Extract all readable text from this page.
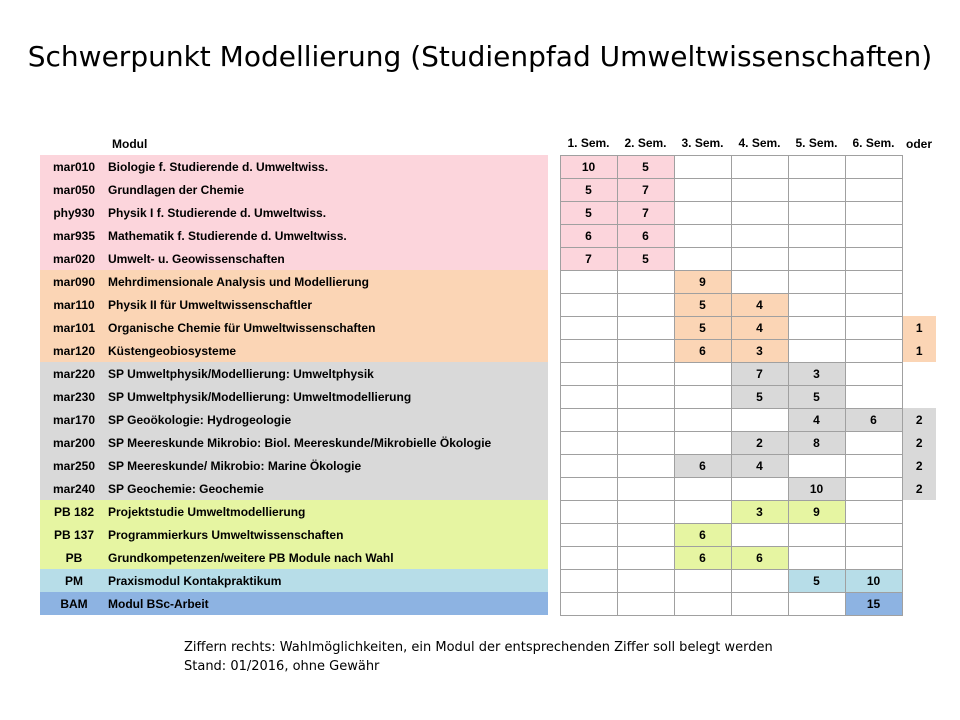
Schwerpunkt Modellierung (Studienpfad Umweltwissenschaften)
	Modul		1. Sem.	2. Sem.	3. Sem.	4. Sem.	5. Sem.	6. Sem.	oder
mar010	Biologie f. Studierende d. Umweltwiss.		10	5					
mar050	Grundlagen der Chemie		5	7					
phy930	Physik I f. Studierende d. Umweltwiss.		5	7					
mar935	Mathematik f. Studierende d. Umweltwiss.		6	6					
mar020	Umwelt- u. Geowissenschaften		7	5					
mar090	Mehrdimensionale Analysis und Modellierung				9				
mar110	Physik II für Umweltwissenschaftler				5	4			
mar101	Organische Chemie für Umweltwissenschaften				5	4			1
mar120	Küstengeobiosysteme				6	3			1
mar220	SP Umweltphysik/Modellierung: Umweltphysik					7	3		
mar230	SP Umweltphysik/Modellierung: Umweltmodellierung					5	5		
mar170	SP Geoökologie: Hydrogeologie						4	6	2
mar200	SP Meereskunde Mikrobio: Biol. Meereskunde/Mikrobielle Ökologie					2	8		2
mar250	SP Meereskunde/ Mikrobio: Marine Ökologie				6	4			2
mar240	SP Geochemie: Geochemie						10		2
PB 182	Projektstudie Umweltmodellierung					3	9		
PB 137	Programmierkurs Umweltwissenschaften				6				
PB	Grundkompetenzen/weitere PB Module nach Wahl				6	6			
PM	Praxismodul Kontakpraktikum						5	10	
BAM	Modul BSc-Arbeit							15	
Ziffern rechts: Wahlmöglichkeiten, ein Modul der entsprechenden Ziffer soll belegt werden
Stand: 01/2016, ohne Gewähr
